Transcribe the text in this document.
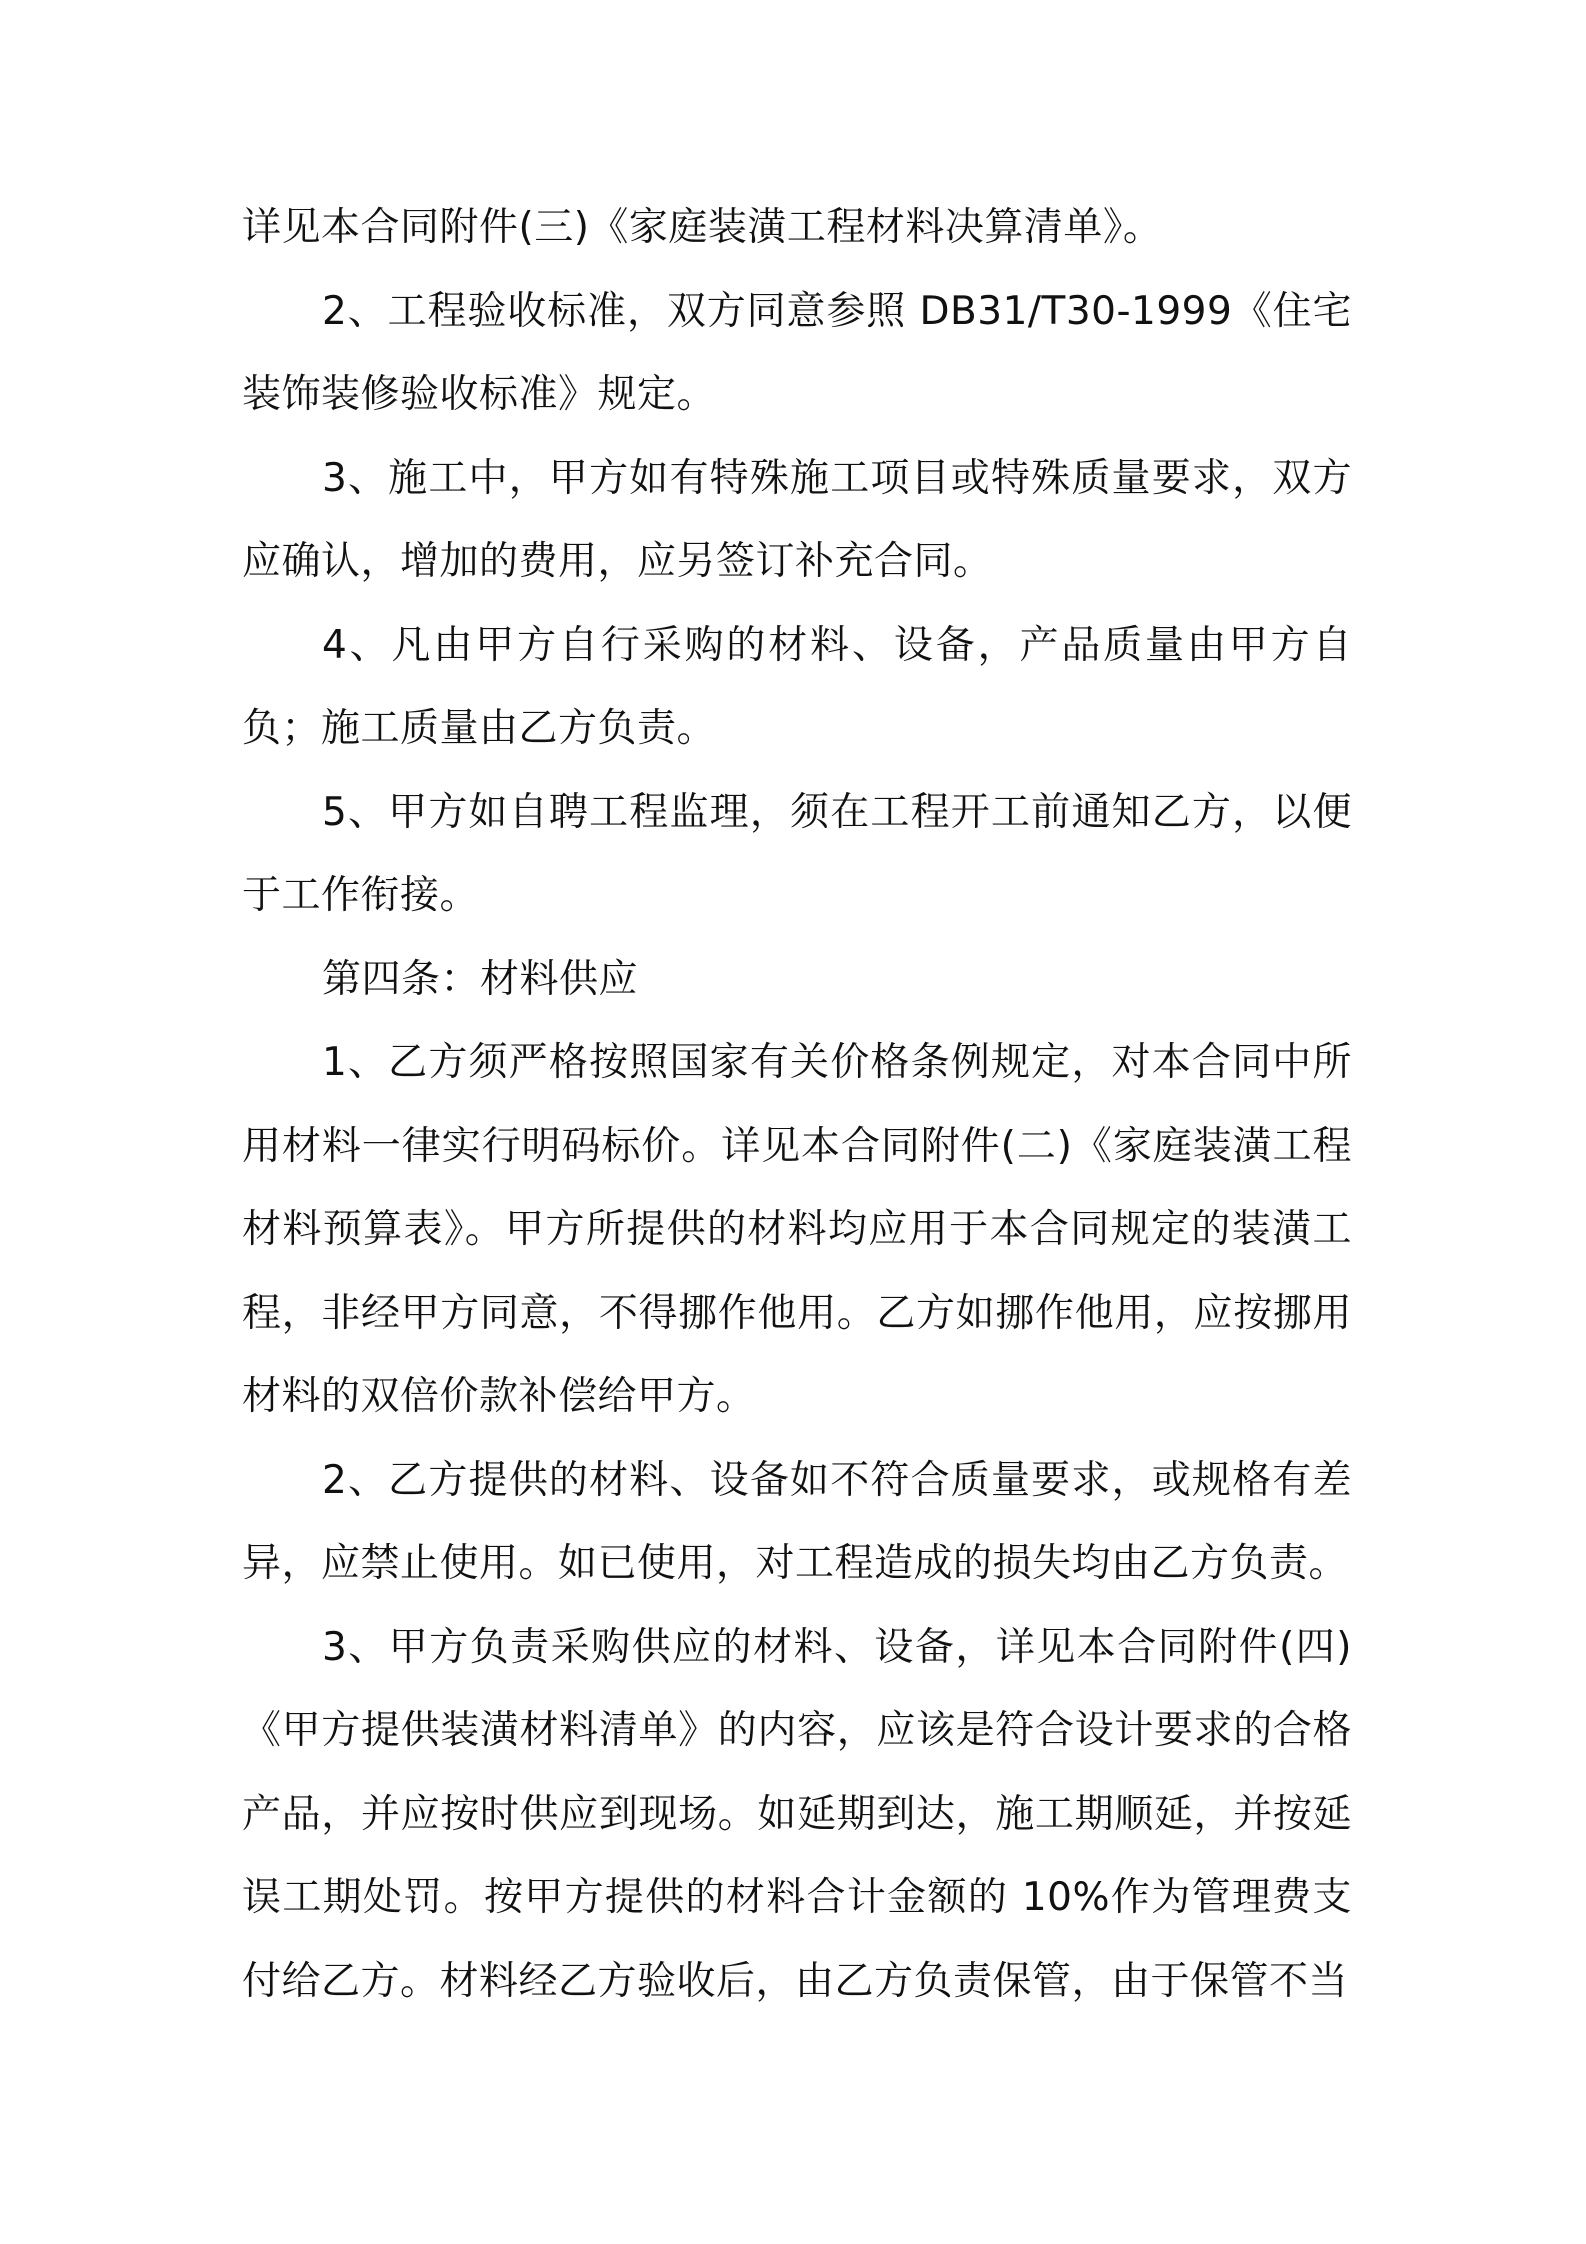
详见本合同附件(三)《家庭装潢工程材料决算清单》。

2、工程验收标准，双方同意参照 DB31/T30-1999《住宅装饰装修验收标准》规定。

3、施工中，甲方如有特殊施工项目或特殊质量要求，双方应确认，增加的费用，应另签订补充合同。

4、凡由甲方自行采购的材料、设备，产品质量由甲方自负；施工质量由乙方负责。

5、甲方如自聘工程监理，须在工程开工前通知乙方，以便于工作衔接。

第四条：材料供应

1、乙方须严格按照国家有关价格条例规定，对本合同中所用材料一律实行明码标价。详见本合同附件(二)《家庭装潢工程材料预算表》。甲方所提供的材料均应用于本合同规定的装潢工程，非经甲方同意，不得挪作他用。乙方如挪作他用，应按挪用材料的双倍价款补偿给甲方。

2、乙方提供的材料、设备如不符合质量要求，或规格有差异，应禁止使用。如已使用，对工程造成的损失均由乙方负责。

3、甲方负责采购供应的材料、设备，详见本合同附件(四)《甲方提供装潢材料清单》的内容，应该是符合设计要求的合格产品，并应按时供应到现场。如延期到达，施工期顺延，并按延误工期处罚。按甲方提供的材料合计金额的 10%作为管理费支付给乙方。材料经乙方验收后，由乙方负责保管，由于保管不当
